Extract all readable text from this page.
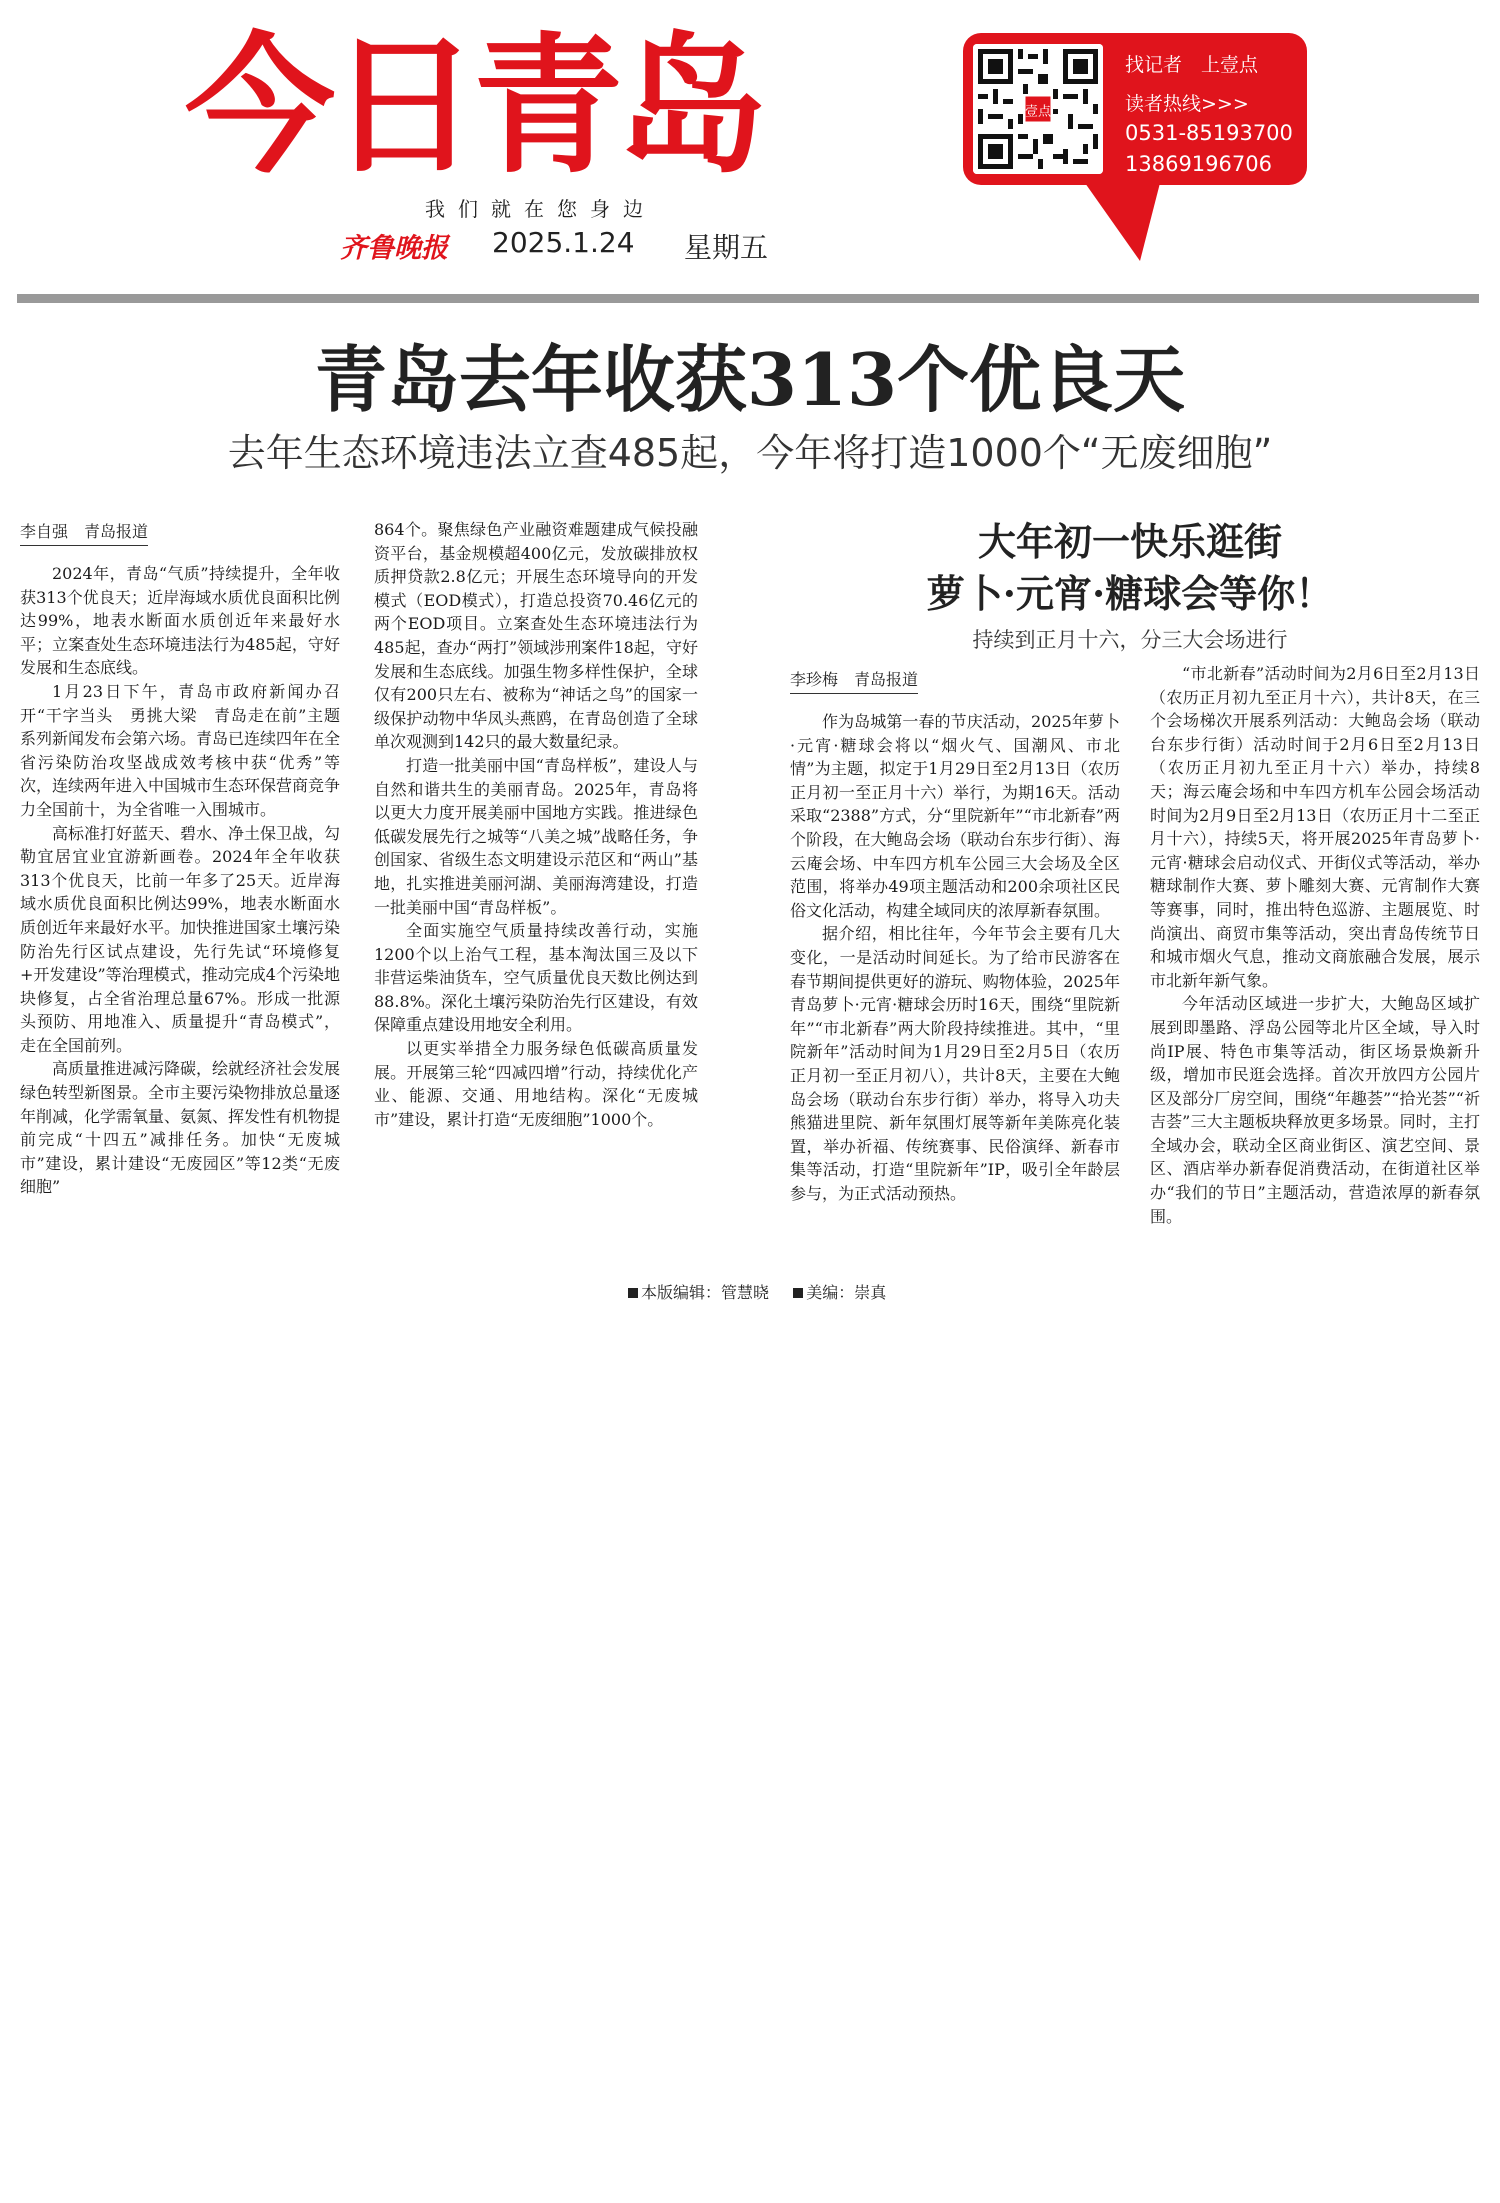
今日青岛	壹点
找记者　上壹点
读者热线>>>
0531-85193700
13869196706
我们就在您身边
齐鲁晚报 2025.1.24 星期五
青岛去年收获313个优良天
去年生态环境违法立查485起，今年将打造1000个“无废细胞”
李自强　青岛报道

2024年，青岛“气质”持续提升，全年收获313个优良天；近岸海域水质优良面积比例达99%，地表水断面水质创近年来最好水平；立案查处生态环境违法行为485起，守好发展和生态底线。

1月23日下午，青岛市政府新闻办召开“干字当头　勇挑大梁　青岛走在前”主题系列新闻发布会第六场。青岛已连续四年在全省污染防治攻坚战成效考核中获“优秀”等次，连续两年进入中国城市生态环保营商竞争力全国前十，为全省唯一入围城市。

高标准打好蓝天、碧水、净土保卫战，勾勒宜居宜业宜游新画卷。2024年全年收获313个优良天，比前一年多了25天。近岸海域水质优良面积比例达99%，地表水断面水质创近年来最好水平。加快推进国家土壤污染防治先行区试点建设，先行先试“环境修复+开发建设”等治理模式，推动完成4个污染地块修复，占全省治理总量67%。形成一批源头预防、用地准入、质量提升“青岛模式”，走在全国前列。

高质量推进减污降碳，绘就经济社会发展绿色转型新图景。全市主要污染物排放总量逐年削减，化学需氧量、氨氮、挥发性有机物提前完成“十四五”减排任务。加快“无废城市”建设，累计建设“无废园区”等12类“无废细胞”

864个。聚焦绿色产业融资难题建成气候投融资平台，基金规模超400亿元，发放碳排放权质押贷款2.8亿元；开展生态环境导向的开发模式（EOD模式），打造总投资70.46亿元的两个EOD项目。立案查处生态环境违法行为485起，查办“两打”领域涉刑案件18起，守好发展和生态底线。加强生物多样性保护，全球仅有200只左右、被称为“神话之鸟”的国家一级保护动物中华凤头燕鸥，在青岛创造了全球单次观测到142只的最大数量纪录。

打造一批美丽中国“青岛样板”，建设人与自然和谐共生的美丽青岛。2025年，青岛将以更大力度开展美丽中国地方实践。推进绿色低碳发展先行之城等“八美之城”战略任务，争创国家、省级生态文明建设示范区和“两山”基地，扎实推进美丽河湖、美丽海湾建设，打造一批美丽中国“青岛样板”。

全面实施空气质量持续改善行动，实施1200个以上治气工程，基本淘汰国三及以下非营运柴油货车，空气质量优良天数比例达到88.8%。深化土壤污染防治先行区建设，有效保障重点建设用地安全利用。

以更实举措全力服务绿色低碳高质量发展。开展第三轮“四减四增”行动，持续优化产业、能源、交通、用地结构。深化“无废城市”建设，累计打造“无废细胞”1000个。

大年初一快乐逛街
萝卜·元宵·糖球会等你！
持续到正月十六，分三大会场进行
李珍梅　青岛报道

作为岛城第一春的节庆活动，2025年萝卜·元宵·糖球会将以“烟火气、国潮风、市北情”为主题，拟定于1月29日至2月13日（农历正月初一至正月十六）举行，为期16天。活动采取“2388”方式，分“里院新年”“市北新春”两个阶段，在大鲍岛会场（联动台东步行街）、海云庵会场、中车四方机车公园三大会场及全区范围，将举办49项主题活动和200余项社区民俗文化活动，构建全域同庆的浓厚新春氛围。

据介绍，相比往年，今年节会主要有几大变化，一是活动时间延长。为了给市民游客在春节期间提供更好的游玩、购物体验，2025年青岛萝卜·元宵·糖球会历时16天，围绕“里院新年”“市北新春”两大阶段持续推进。其中，“里院新年”活动时间为1月29日至2月5日（农历正月初一至正月初八），共计8天，主要在大鲍岛会场（联动台东步行街）举办，将导入功夫熊猫进里院、新年氛围灯展等新年美陈亮化装置，举办祈福、传统赛事、民俗演绎、新春市集等活动，打造“里院新年”IP，吸引全年龄层参与，为正式活动预热。

“市北新春”活动时间为2月6日至2月13日（农历正月初九至正月十六），共计8天，在三个会场梯次开展系列活动：大鲍岛会场（联动台东步行街）活动时间于2月6日至2月13日（农历正月初九至正月十六）举办，持续8天；海云庵会场和中车四方机车公园会场活动时间为2月9日至2月13日（农历正月十二至正月十六），持续5天，将开展2025年青岛萝卜·元宵·糖球会启动仪式、开街仪式等活动，举办糖球制作大赛、萝卜雕刻大赛、元宵制作大赛等赛事，同时，推出特色巡游、主题展览、时尚演出、商贸市集等活动，突出青岛传统节日和城市烟火气息，推动文商旅融合发展，展示市北新年新气象。

今年活动区域进一步扩大，大鲍岛区域扩展到即墨路、浮岛公园等北片区全域，导入时尚IP展、特色市集等活动，街区场景焕新升级，增加市民逛会选择。首次开放四方公园片区及部分厂房空间，围绕“年趣荟”“拾光荟”“祈吉荟”三大主题板块释放更多场景。同时，主打全域办会，联动全区商业街区、演艺空间、景区、酒店举办新春促消费活动，在街道社区举办“我们的节日”主题活动，营造浓厚的新春氛围。

本版编辑：管慧晓 美编：崇真
